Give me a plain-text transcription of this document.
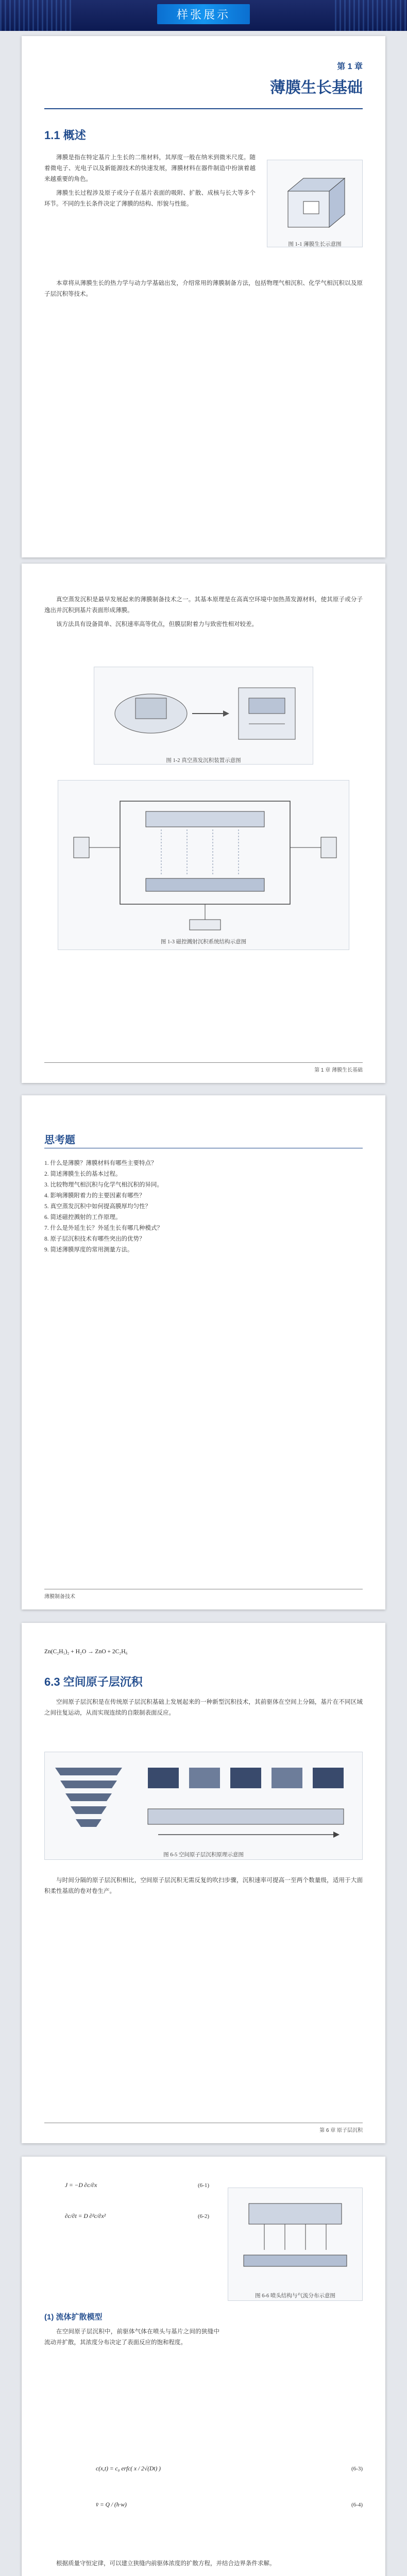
样张展示
第 1 章
薄膜生长基础
1.1 概述

薄膜是指在特定基片上生长的二维材料，其厚度一般在纳米到微米尺度。随着微电子、光电子以及新能源技术的快速发展，薄膜材料在器件制造中扮演着越来越重要的角色。

薄膜生长过程涉及原子或分子在基片表面的吸附、扩散、成核与长大等多个环节。不同的生长条件决定了薄膜的结构、形貌与性能。

图 1-1 薄膜生长示意图

本章将从薄膜生长的热力学与动力学基础出发，介绍常用的薄膜制备方法，包括物理气相沉积、化学气相沉积以及原子层沉积等技术。

真空蒸发沉积是最早发展起来的薄膜制备技术之一。其基本原理是在高真空环境中加热蒸发源材料，使其原子或分子逸出并沉积到基片表面形成薄膜。

该方法具有设备简单、沉积速率高等优点，但膜层附着力与致密性相对较差。

图 1-2 真空蒸发沉积装置示意图
图 1-3 磁控溅射沉积系统结构示意图
第 1 章 薄膜生长基础
思考题

1. 什么是薄膜？薄膜材料有哪些主要特点？

2. 简述薄膜生长的基本过程。

3. 比较物理气相沉积与化学气相沉积的异同。

4. 影响薄膜附着力的主要因素有哪些？

5. 真空蒸发沉积中如何提高膜厚均匀性？

6. 简述磁控溅射的工作原理。

7. 什么是外延生长？外延生长有哪几种模式？

8. 原子层沉积技术有哪些突出的优势？

9. 简述薄膜厚度的常用测量方法。

薄膜制备技术
Zn(C₂H₅)₂ + H₂O → ZnO + 2C₂H₆
6.3 空间原子层沉积

空间原子层沉积是在传统原子层沉积基础上发展起来的一种新型沉积技术，其前驱体在空间上分隔，基片在不同区域之间往复运动，从而实现连续的自限制表面反应。

图 6-5 空间原子层沉积原理示意图

与时间分隔的原子层沉积相比，空间原子层沉积无需反复的吹扫步骤，沉积速率可提高一至两个数量级，适用于大面积柔性基底的卷对卷生产。

第 6 章 原子层沉积
J = −D ∂c/∂x	(6-1)
∂c/∂t = D ∂²c/∂x²	(6-2)
图 6-6 喷头结构与气流分布示意图
(1) 流体扩散模型

在空间原子层沉积中，前驱体气体在喷头与基片之间的狭缝中流动并扩散，其浓度分布决定了表面反应的饱和程度。

c(x,t) = c₀ erfc( x / 2√(Dt) )	(6-3)
v̄ = Q / (h·w)	(6-4)

根据质量守恒定律，可以建立狭缝内前驱体浓度的扩散方程，并结合边界条件求解。
